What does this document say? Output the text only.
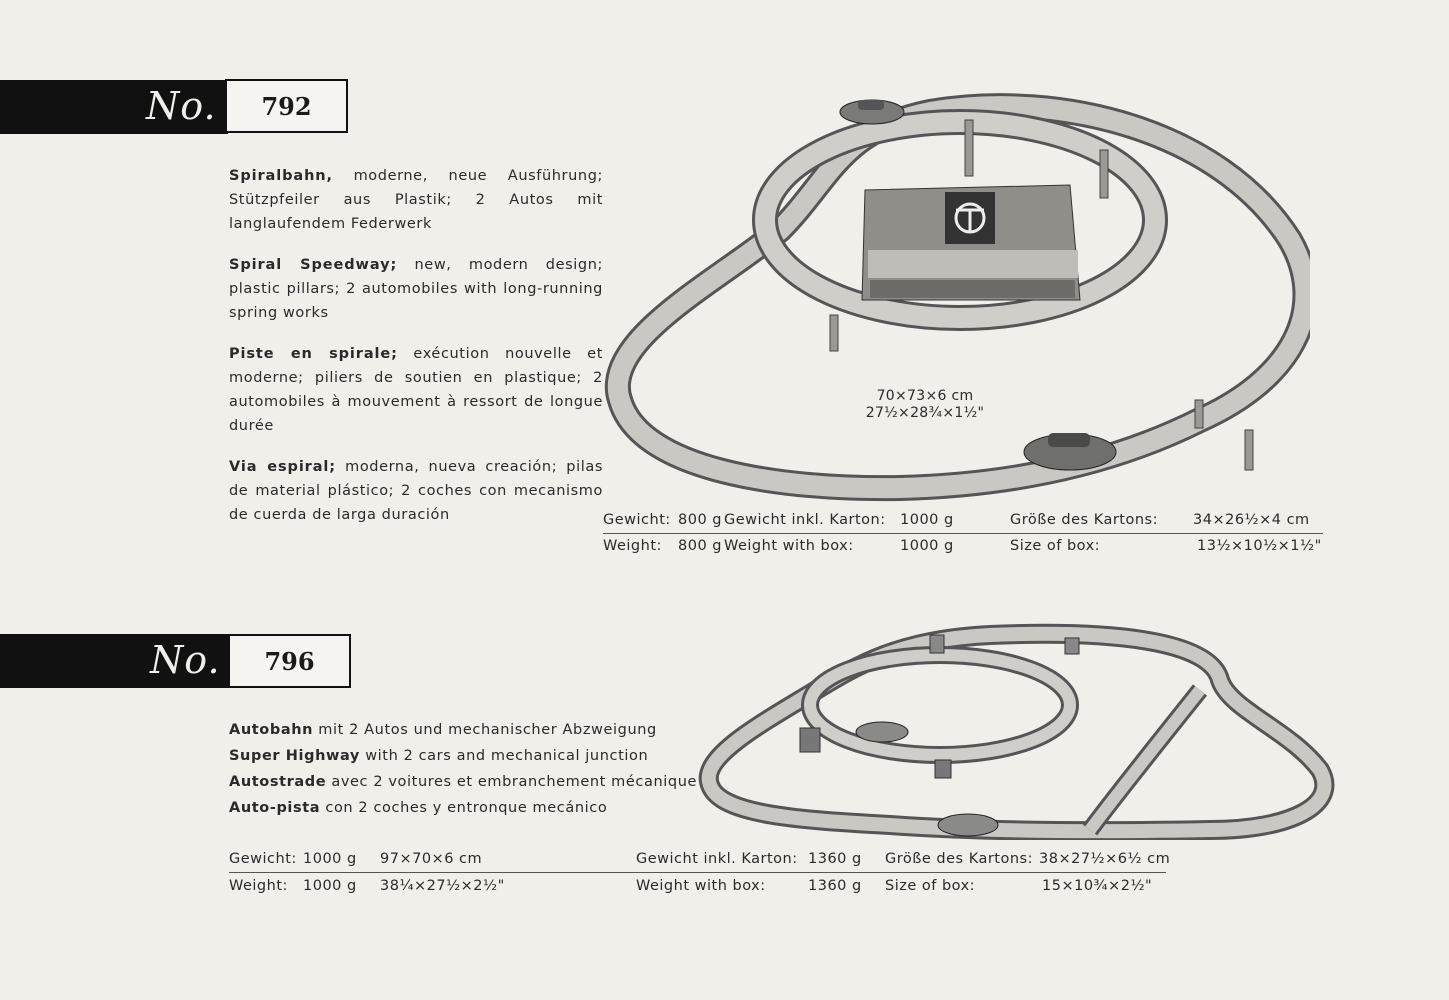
No. 792

Spiralbahn, moderne, neue Ausführung; Stützpfeiler aus Plastik; 2 Autos mit langlaufendem Federwerk

Spiral Speedway; new, modern design; plastic pillars; 2 automobiles with long-running spring works

Piste en spirale; exécution nouvelle et moderne; piliers de soutien en plastique; 2 automobiles à mouvement à ressort de longue durée

Via espiral; moderna, nueva creación; pilas de material plástico; 2 coches con mecanismo de cuerda de larga duración

70×73×6 cm
27½×28¾×1½"
Gewicht: 800 g Gewicht inkl. Karton: 1000 g	Größe des Kartons: 34×26½×4 cm
Weight: 800 g Weight with box:	1000 g	Size of box:	13½×10½×1½"
No. 796
Autobahn mit 2 Autos und mechanischer Abzweigung
Super Highway with 2 cars and mechanical junction
Autostrade avec 2 voitures et embranchement mécanique
Auto-pista con 2 coches y entronque mecánico
Gewicht: 1000 g 97×70×6 cm	Gewicht inkl. Karton: 1360 g Größe des Kartons: 38×27½×6½ cm
Weight: 1000 g 38¼×27½×2½"	Weight with box:	1360 g Size of box:	15×10¾×2½"
